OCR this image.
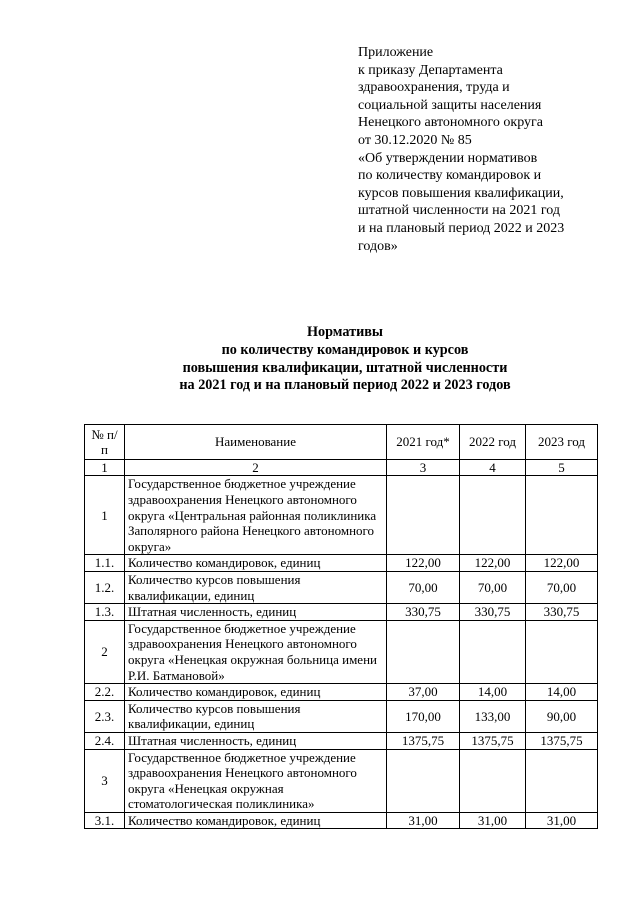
Приложение
к приказу Департамента
здравоохранения, труда и
социальной защиты населения
Ненецкого автономного округа
от 30.12.2020 № 85
«Об утверждении нормативов
по количеству командировок и
курсов повышения квалификации,
штатной численности на 2021 год
и на плановый период 2022 и 2023
годов»
Нормативы
по количеству командировок и курсов
повышения квалификации, штатной численности
на 2021 год и на плановый период 2022 и 2023 годов
№ п/п	Наименование	2021 год*	2022 год	2023 год
1	2	3	4	5
1	Государственное бюджетное учреждение здравоохранения Ненецкого автономного округа «Центральная районная поликлиника Заполярного района Ненецкого автономного округа»			
1.1.	Количество командировок, единиц	122,00	122,00	122,00
1.2.	Количество курсов повышения квалификации, единиц	70,00	70,00	70,00
1.3.	Штатная численность, единиц	330,75	330,75	330,75
2	Государственное бюджетное учреждение здравоохранения Ненецкого автономного округа «Ненецкая окружная больница имени Р.И. Батмановой»			
2.2.	Количество командировок, единиц	37,00	14,00	14,00
2.3.	Количество курсов повышения квалификации, единиц	170,00	133,00	90,00
2.4.	Штатная численность, единиц	1375,75	1375,75	1375,75
3	Государственное бюджетное учреждение здравоохранения Ненецкого автономного округа «Ненецкая окружная стоматологическая поликлиника»			
3.1.	Количество командировок, единиц	31,00	31,00	31,00
